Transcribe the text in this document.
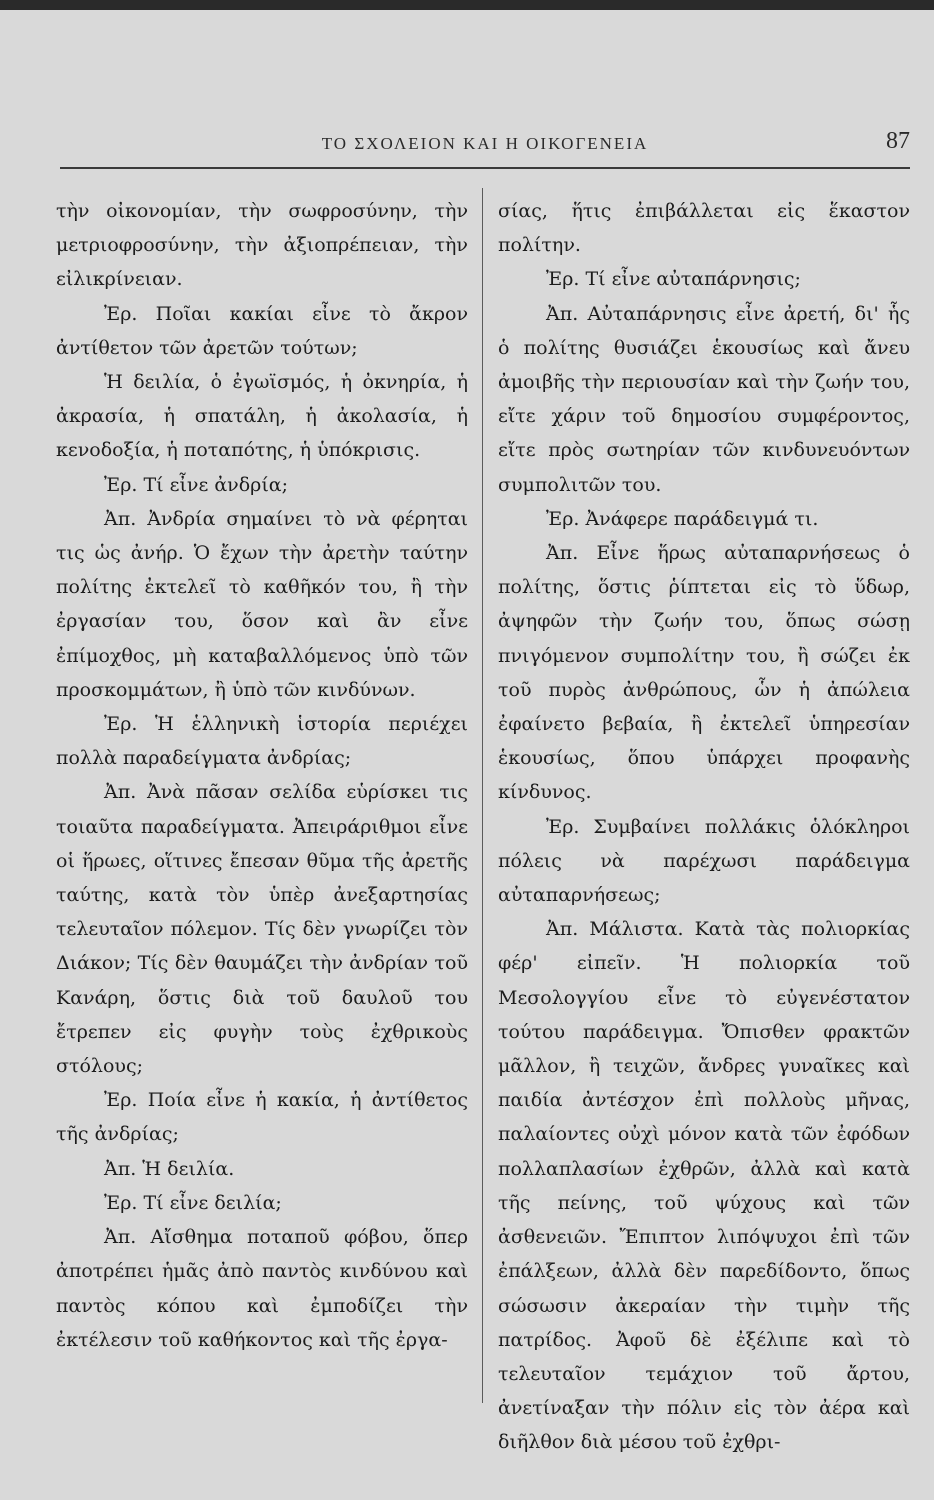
ΤΟ ΣΧΟΛΕΙΟΝ ΚΑΙ Η ΟΙΚΟΓΕΝΕΙΑ	87

τὴν οἰκονομίαν, τὴν σωφροσύνην, τὴν μετριοφροσύνην, τὴν ἀξιοπρέπειαν, τὴν εἰλικρίνειαν.

Ἐρ. Ποῖαι κακίαι εἶνε τὸ ἄκρον ἀντίθετον τῶν ἀρετῶν τούτων;

Ἡ δειλία, ὁ ἐγωϊσμός, ἡ ὀκνηρία, ἡ ἀκρασία, ἡ σπατάλη, ἡ ἀκολασία, ἡ κενοδοξία, ἡ ποταπότης, ἡ ὑπόκρισις.

Ἐρ. Τί εἶνε ἀνδρία;

Ἀπ. Ἀνδρία σημαίνει τὸ νὰ φέρηται τις ὡς ἀνήρ. Ὁ ἔχων τὴν ἀρετὴν ταύτην πολίτης ἐκτελεῖ τὸ καθῆκόν του, ἢ τὴν ἐργασίαν του, ὅσον καὶ ἂν εἶνε ἐπίμοχθος, μὴ καταβαλλόμενος ὑπὸ τῶν προσκομμάτων, ἢ ὑπὸ τῶν κινδύνων.

Ἐρ. Ἡ ἑλληνικὴ ἱστορία περιέχει πολλὰ παραδείγματα ἀνδρίας;

Ἀπ. Ἀνὰ πᾶσαν σελίδα εὑρίσκει τις τοιαῦτα παραδείγματα. Ἀπειράριθμοι εἶνε οἱ ἥρωες, οἵτινες ἔπεσαν θῦμα τῆς ἀρετῆς ταύτης, κατὰ τὸν ὑπὲρ ἀνεξαρτησίας τελευταῖον πόλεμον. Τίς δὲν γνωρίζει τὸν Διάκον; Τίς δὲν θαυμάζει τὴν ἀνδρίαν τοῦ Κανάρη, ὅστις διὰ τοῦ δαυλοῦ του ἔτρεπεν εἰς φυγὴν τοὺς ἐχθρικοὺς στόλους;

Ἐρ. Ποία εἶνε ἡ κακία, ἡ ἀντίθετος τῆς ἀνδρίας;

Ἀπ. Ἡ δειλία.

Ἐρ. Τί εἶνε δειλία;

Ἀπ. Αἴσθημα ποταποῦ φόβου, ὅπερ ἀποτρέπει ἡμᾶς ἀπὸ παντὸς κινδύνου καὶ παντὸς κόπου καὶ ἐμποδίζει τὴν ἐκτέλεσιν τοῦ καθήκοντος καὶ τῆς ἐργα-

σίας, ἥτις ἐπιβάλλεται εἰς ἕκαστον πολίτην.

Ἐρ. Τί εἶνε αὐταπάρνησις;

Ἀπ. Αὐταπάρνησις εἶνε ἀρετή, δι' ἧς ὁ πολίτης θυσιάζει ἑκουσίως καὶ ἄνευ ἀμοιβῆς τὴν περιουσίαν καὶ τὴν ζωήν του, εἴτε χάριν τοῦ δημοσίου συμφέροντος, εἴτε πρὸς σωτηρίαν τῶν κινδυνευόντων συμπολιτῶν του.

Ἐρ. Ἀνάφερε παράδειγμά τι.

Ἀπ. Εἶνε ἥρως αὐταπαρνήσεως ὁ πολίτης, ὅστις ῥίπτεται εἰς τὸ ὕδωρ, ἀψηφῶν τὴν ζωήν του, ὅπως σώσῃ πνιγόμενον συμπολίτην του, ἢ σώζει ἐκ τοῦ πυρὸς ἀνθρώπους, ὧν ἡ ἀπώλεια ἐφαίνετο βεβαία, ἢ ἐκτελεῖ ὑπηρεσίαν ἑκουσίως, ὅπου ὑπάρχει προφανὴς κίνδυνος.

Ἐρ. Συμβαίνει πολλάκις ὁλόκληροι πόλεις νὰ παρέχωσι παράδειγμα αὐταπαρνήσεως;

Ἀπ. Μάλιστα. Κατὰ τὰς πολιορκίας φέρ' εἰπεῖν. Ἡ πολιορκία τοῦ Μεσολογγίου εἶνε τὸ εὐγενέστατον τούτου παράδειγμα. Ὄπισθεν φρακτῶν μᾶλλον, ἢ τειχῶν, ἄνδρες γυναῖκες καὶ παιδία ἀντέσχον ἐπὶ πολλοὺς μῆνας, παλαίοντες οὐχὶ μόνον κατὰ τῶν ἐφόδων πολλαπλασίων ἐχθρῶν, ἀλλὰ καὶ κατὰ τῆς πείνης, τοῦ ψύχους καὶ τῶν ἀσθενειῶν. Ἔπιπτον λιπόψυχοι ἐπὶ τῶν ἐπάλξεων, ἀλλὰ δὲν παρεδίδοντο, ὅπως σώσωσιν ἀκεραίαν τὴν τιμὴν τῆς πατρίδος. Ἀφοῦ δὲ ἐξέλιπε καὶ τὸ τελευταῖον τεμάχιον τοῦ ἄρτου, ἀνετίναξαν τὴν πόλιν εἰς τὸν ἀέρα καὶ διῆλθον διὰ μέσου τοῦ ἐχθρι-
